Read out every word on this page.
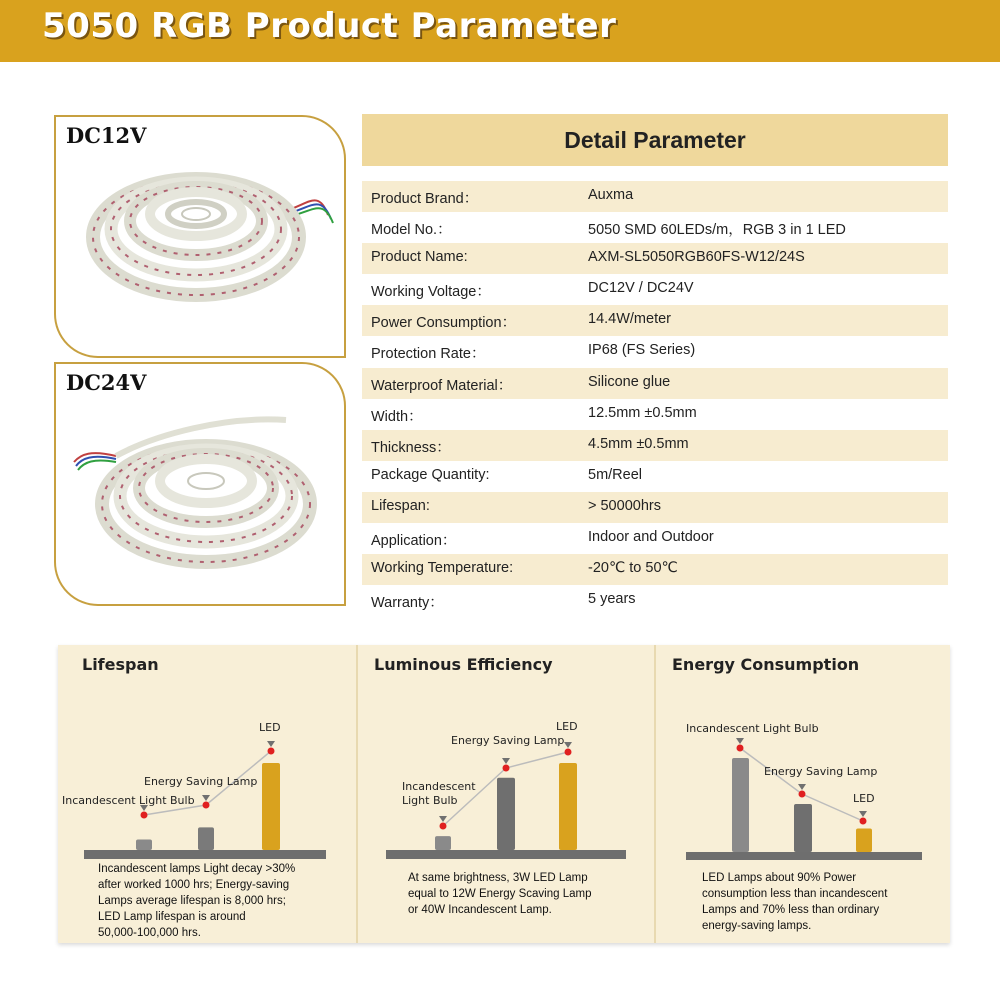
5050 RGB Product Parameter
DC12V
DC24V
Detail Parameter
Product Brand：	Auxma
Model No.：	5050 SMD 60LEDs/m，RGB 3 in 1 LED
Product Name:	AXM-SL5050RGB60FS-W12/24S
Working Voltage：	DC12V / DC24V
Power Consumption：	14.4W/meter
Protection Rate：	IP68 (FS Series)
Waterproof Material：	Silicone glue
Width：	12.5mm ±0.5mm
Thickness：	4.5mm ±0.5mm
Package Quantity:	5m/Reel
Lifespan:	> 50000hrs
Application：	Indoor and Outdoor
Working Temperature:	-20℃ to 50℃
Warranty：	5 years
Lifespan
LED
Energy Saving Lamp
Incandescent Light Bulb
Incandescent lamps Light decay >30%
after worked 1000 hrs; Energy-saving
Lamps average lifespan is 8,000 hrs;
LED Lamp lifespan is around
50,000-100,000 hrs.
Luminous Efficiency
LED
Energy Saving Lamp
Incandescent
Light Bulb
At same brightness, 3W LED Lamp
equal to 12W Energy Scaving Lamp
or 40W Incandescent Lamp.
Energy Consumption
Incandescent Light Bulb
Energy Saving Lamp
LED
LED Lamps about 90% Power
consumption less than incandescent
Lamps and 70% less than ordinary
energy-saving lamps.
